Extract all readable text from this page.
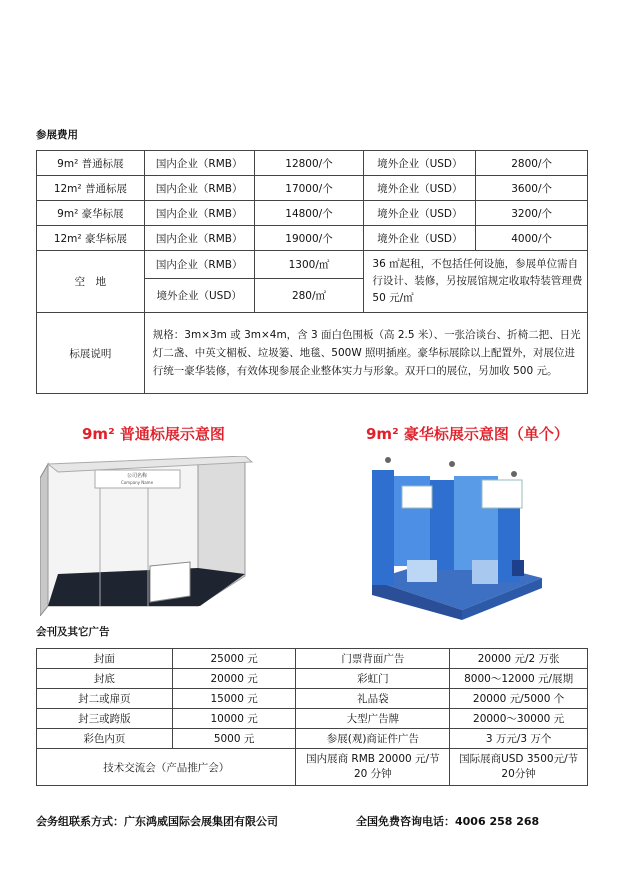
参展费用
9m² 普通标展	国内企业（RMB）	12800/个	境外企业（USD）	2800/个
12m² 普通标展	国内企业（RMB）	17000/个	境外企业（USD）	3600/个
9m² 豪华标展	国内企业（RMB）	14800/个	境外企业（USD）	3200/个
12m² 豪华标展	国内企业（RMB）	19000/个	境外企业（USD）	4000/个
空　地	国内企业（RMB）	1300/㎡	36 ㎡起租，不包括任何设施，参展单位需自行设计、装修，另按展馆规定收取特装管理费 50 元/㎡	
	境外企业（USD）	280/㎡		
标展说明	规格：3m×3m 或 3m×4m，含 3 面白色围板（高 2.5 米）、一张洽谈台、折椅二把、日光灯二盏、中英文楣板、垃圾篓、地毯、500W 照明插座。豪华标展除以上配置外，对展位进行统一豪华装修，有效体现参展企业整体实力与形象。双开口的展位，另加收 500 元。			
9m² 普通标展示意图	9m² 豪华标展示意图（单个）
公司名称
Company Name
会刊及其它广告
封面	25000 元	门票背面广告	20000 元/2 万张
封底	20000 元	彩虹门	8000～12000 元/展期
封二或扉页	15000 元	礼品袋	20000 元/5000 个
封三或跨版	10000 元	大型广告牌	20000～30000 元
彩色内页	5000 元	参展(观)商证件广告	3 万元/3 万个
技术交流会（产品推广会）		国内展商 RMB 20000 元/节 20 分钟	国际展商USD 3500元/节 20分钟
会务组联系方式：广东鸿威国际会展集团有限公司	全国免费咨询电话：4006 258 268
